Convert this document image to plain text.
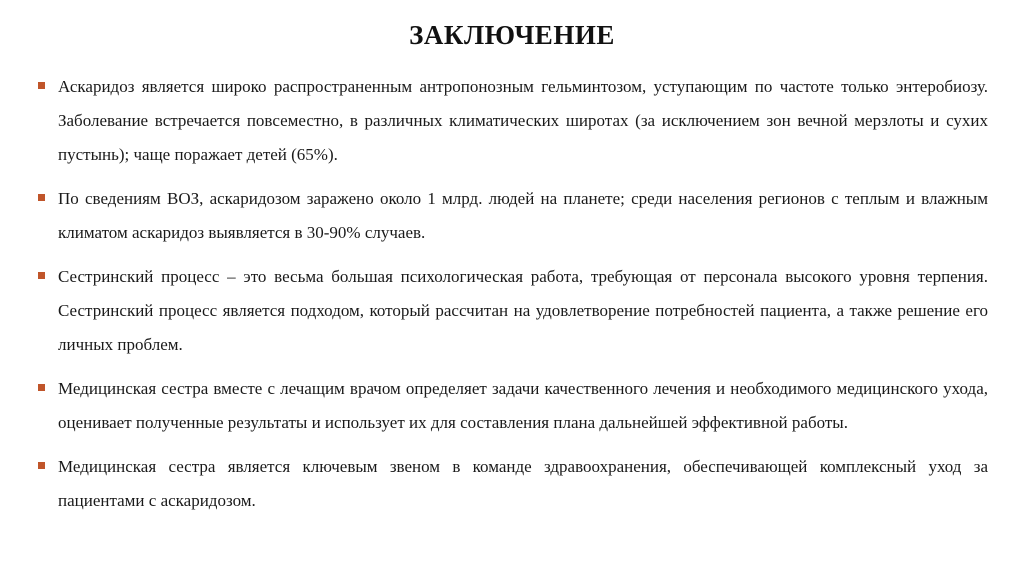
ЗАКЛЮЧЕНИЕ
Аскаридоз является широко распространенным антропонозным гельминтозом, уступающим по частоте только энтеробиозу. Заболевание встречается повсеместно, в различных климатических широтах (за исключением зон вечной мерзлоты и сухих пустынь); чаще поражает детей (65%).
По сведениям ВОЗ, аскаридозом заражено около 1 млрд. людей на планете; среди населения регионов с теплым и влажным климатом аскаридоз выявляется в 30-90% случаев.
Сестринский процесс – это весьма большая психологическая работа, требующая от персонала высокого уровня терпения. Сестринский процесс является подходом, который рассчитан на удовлетворение потребностей пациента, а также решение его личных проблем.
Медицинская сестра вместе с лечащим врачом определяет задачи качественного лечения и необходимого медицинского ухода, оценивает полученные результаты и использует их для составления плана дальнейшей эффективной работы.
Медицинская сестра является ключевым звеном в команде здравоохранения, обеспечивающей комплексный уход за пациентами с аскаридозом.
